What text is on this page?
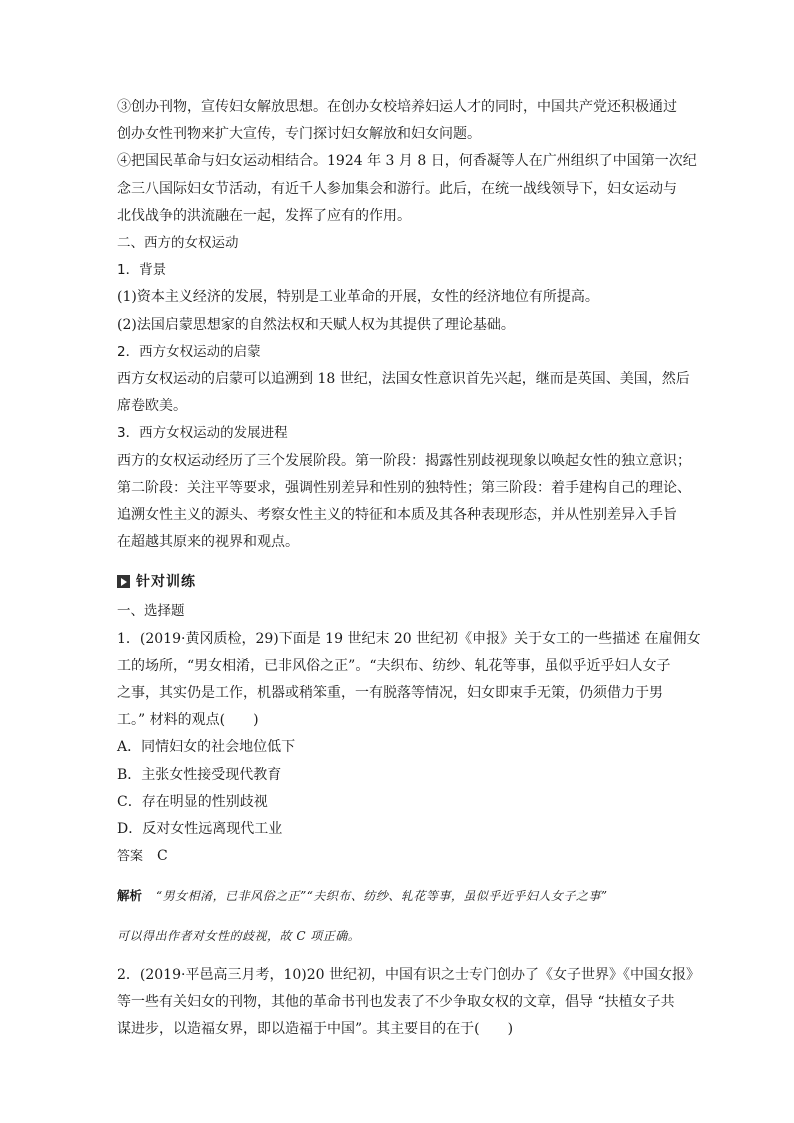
③创办刊物，宣传妇女解放思想。在创办女校培养妇运人才的同时，中国共产党还积极通过

创办女性刊物来扩大宣传，专门探讨妇女解放和妇女问题。

④把国民革命与妇女运动相结合。1924 年 3 月 8 日，何香凝等人在广州组织了中国第一次纪

念三八国际妇女节活动，有近千人参加集会和游行。此后，在统一战线领导下，妇女运动与

北伐战争的洪流融在一起，发挥了应有的作用。

二、西方的女权运动

1．背景

(1)资本主义经济的发展，特别是工业革命的开展，女性的经济地位有所提高。

(2)法国启蒙思想家的自然法权和天赋人权为其提供了理论基础。

2．西方女权运动的启蒙

西方女权运动的启蒙可以追溯到 18 世纪，法国女性意识首先兴起，继而是英国、美国，然后

席卷欧美。

3．西方女权运动的发展进程

西方的女权运动经历了三个发展阶段。第一阶段：揭露性别歧视现象以唤起女性的独立意识；

第二阶段：关注平等要求，强调性别差异和性别的独特性；第三阶段：着手建构自己的理论、

追溯女性主义的源头、考察女性主义的特征和本质及其各种表现形态，并从性别差异入手旨

在超越其原来的视界和观点。

针对训练

一、选择题

1．(2019·黄冈质检，29)下面是 19 世纪末 20 世纪初《申报》关于女工的一些描述 在雇佣女

工的场所，“男女相淆，已非风俗之正”。“夫织布、纺纱、轧花等事，虽似乎近乎妇人女子

之事，其实仍是工作，机器或稍笨重，一有脱落等情况，妇女即束手无策，仍须借力于男

工。” 材料的观点(　　)

A．同情妇女的社会地位低下

B．主张女性接受现代教育

C．存在明显的性别歧视

D．反对女性远离现代工业

答案 C

解析 “男女相淆，已非风俗之正”“夫织布、纺纱、轧花等事，虽似乎近乎妇人女子之事”

可以得出作者对女性的歧视，故 C 项正确。

2．(2019·平邑高三月考，10)20 世纪初，中国有识之士专门创办了《女子世界》《中国女报》

等一些有关妇女的刊物，其他的革命书刊也发表了不少争取女权的文章，倡导 “扶植女子共

谋进步，以造福女界，即以造福于中国”。其主要目的在于(　　)
